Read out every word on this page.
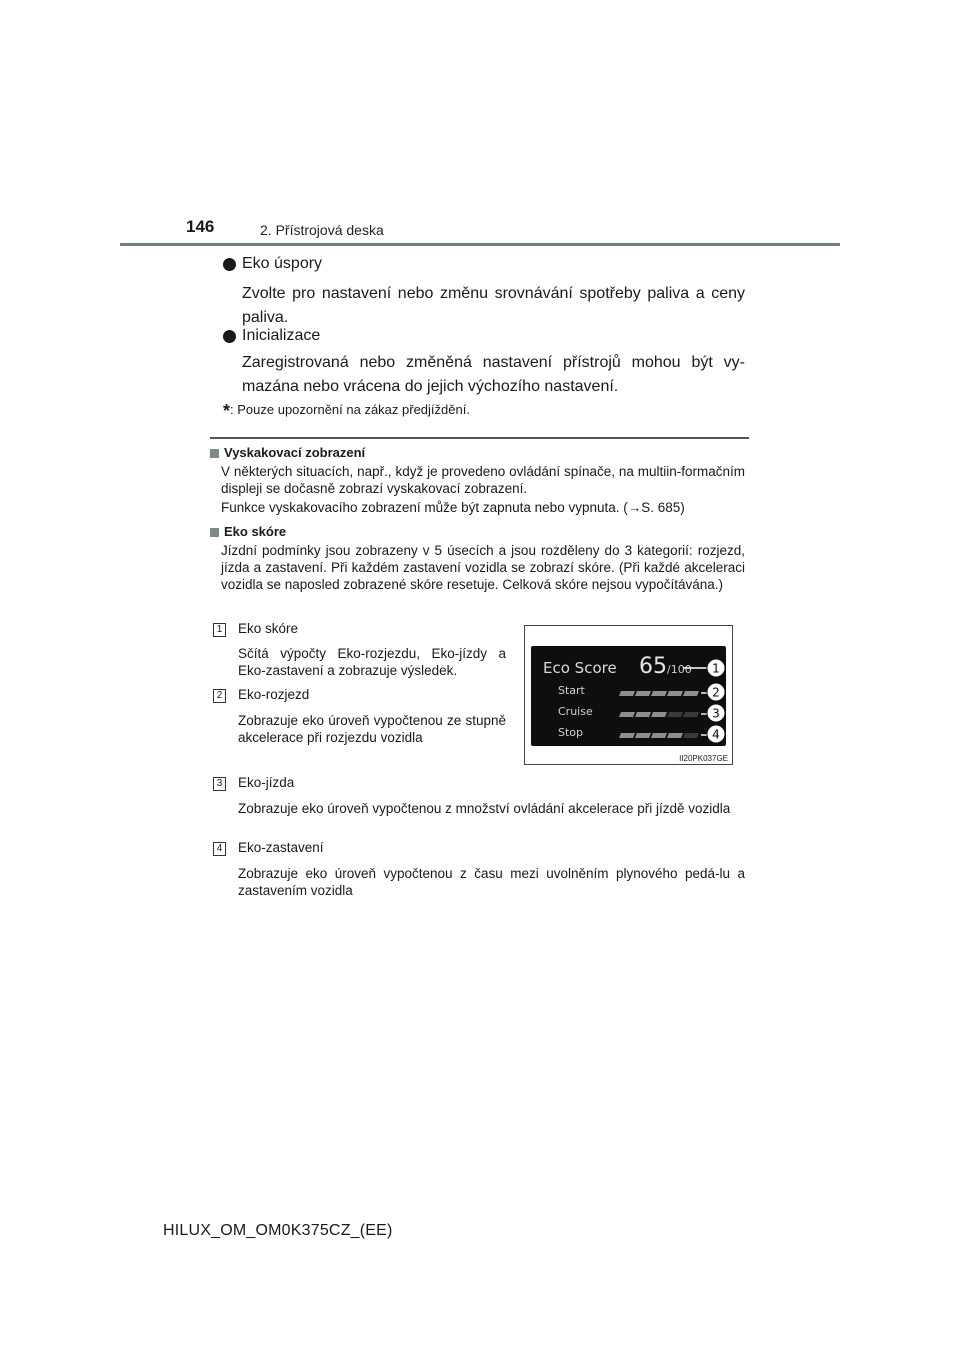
146	2. Přístrojová deska
Eko úspory

Zvolte pro nastavení nebo změnu srovnávání spotřeby paliva a ceny paliva.

Inicializace

Zaregistrovaná nebo změněná nastavení přístrojů mohou být vy-mazána nebo vrácena do jejich výchozího nastavení.

*: Pouze upozornění na zákaz předjíždění.
Vyskakovací zobrazení

V některých situacích, např., když je provedeno ovládání spínače, na multiin-formačním displeji se dočasně zobrazí vyskakovací zobrazení.

Funkce vyskakovacího zobrazení může být zapnuta nebo vypnuta. (→S. 685)

Eko skóre

Jízdní podmínky jsou zobrazeny v 5 úsecích a jsou rozděleny do 3 kategorií: rozjezd, jízda a zastavení. Při každém zastavení vozidla se zobrazí skóre. (Při každé akceleraci vozidla se naposled zobrazené skóre resetuje. Celková skóre nejsou vypočítávána.)

1 Eko skóre

Sčítá výpočty Eko-rozjezdu, Eko-jízdy a Eko-zastavení a zobrazuje výsledek.

2 Eko-rozjezd

Zobrazuje eko úroveň vypočtenou ze stupně akcelerace při rozjezdu vozidla

Eco Score 65 /100
Start
Cruise
Stop
1
2
3
4
II20PK037GE
3 Eko-jízda

Zobrazuje eko úroveň vypočtenou z množství ovládání akcelerace při jízdě vozidla

4 Eko-zastavení

Zobrazuje eko úroveň vypočtenou z času mezi uvolněním plynového pedá-lu a zastavením vozidla

HILUX_OM_OM0K375CZ_(EE)
